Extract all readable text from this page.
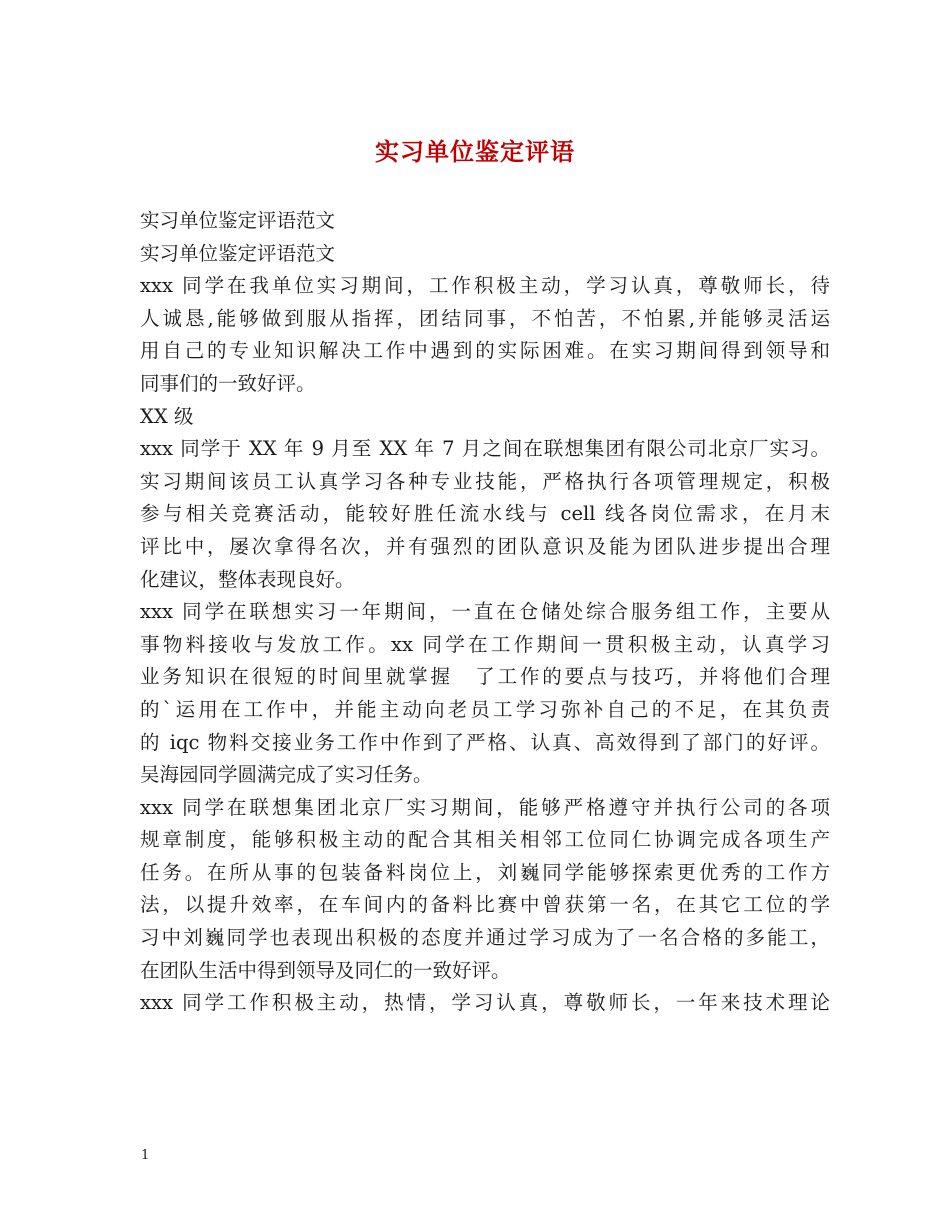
实习单位鉴定评语

实习单位鉴定评语范文

实习单位鉴定评语范文

xxx 同学在我单位实习期间，工作积极主动，学习认真，尊敬师长，待

人诚恳,能够做到服从指挥，团结同事，不怕苦，不怕累,并能够灵活运

用自己的专业知识解决工作中遇到的实际困难。在实习期间得到领导和

同事们的一致好评。

XX 级

xxx 同学于 XX 年 9 月至 XX 年 7 月之间在联想集团有限公司北京厂实习。

实习期间该员工认真学习各种专业技能，严格执行各项管理规定，积极

参与相关竞赛活动，能较好胜任流水线与 cell 线各岗位需求，在月末

评比中，屡次拿得名次，并有强烈的团队意识及能为团队进步提出合理

化建议，整体表现良好。

xxx 同学在联想实习一年期间，一直在仓储处综合服务组工作，主要从

事物料接收与发放工作。xx 同学在工作期间一贯积极主动，认真学习

业务知识在很短的时间里就掌握　了工作的要点与技巧，并将他们合理

的`运用在工作中，并能主动向老员工学习弥补自己的不足，在其负责

的 iqc 物料交接业务工作中作到了严格、认真、高效得到了部门的好评。

吴海园同学圆满完成了实习任务。

xxx 同学在联想集团北京厂实习期间，能够严格遵守并执行公司的各项

规章制度，能够积极主动的配合其相关相邻工位同仁协调完成各项生产

任务。在所从事的包装备料岗位上，刘巍同学能够探索更优秀的工作方

法，以提升效率，在车间内的备料比赛中曾获第一名，在其它工位的学

习中刘巍同学也表现出积极的态度并通过学习成为了一名合格的多能工，

在团队生活中得到领导及同仁的一致好评。

xxx 同学工作积极主动，热情，学习认真，尊敬师长，一年来技术理论

1
